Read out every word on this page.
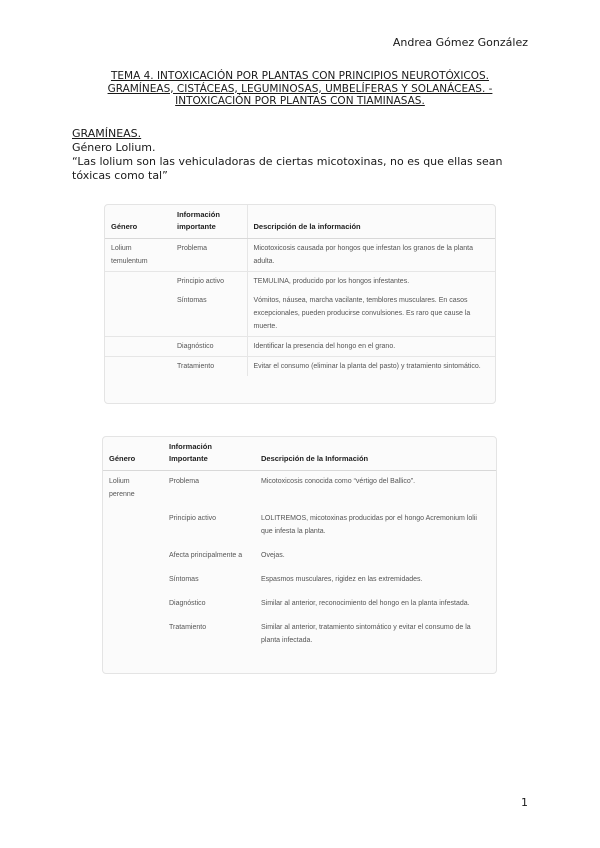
Andrea Gómez González
TEMA 4. INTOXICACIÓN POR PLANTAS CON PRINCIPIOS NEUROTÓXICOS.
GRAMÍNEAS, CISTÁCEAS, LEGUMINOSAS, UMBELÍFERAS Y SOLANÁCEAS. -
INTOXICACIÓN POR PLANTAS CON TIAMINASAS.
GRAMÍNEAS.
Género Lolium.
“Las lolium son las vehiculadoras de ciertas micotoxinas, no es que ellas sean tóxicas como tal”
Género	Información importante	Descripción de la información
Lolium temulentum	Problema	Micotoxicosis causada por hongos que infestan los granos de la planta adulta.
	Principio activo	TEMULINA, producido por los hongos infestantes.
	Síntomas	Vómitos, náusea, marcha vacilante, temblores musculares. En casos excepcionales, pueden producirse convulsiones. Es raro que cause la muerte.
	Diagnóstico	Identificar la presencia del hongo en el grano.
	Tratamiento	Evitar el consumo (eliminar la planta del pasto) y tratamiento sintomático.
Género	Información Importante	Descripción de la Información
Lolium perenne	Problema	Micotoxicosis conocida como “vértigo del Ballico”.
	Principio activo	LOLITREMOS, micotoxinas producidas por el hongo Acremonium lolii que infesta la planta.
	Afecta principalmente a	Ovejas.
	Síntomas	Espasmos musculares, rigidez en las extremidades.
	Diagnóstico	Similar al anterior, reconocimiento del hongo en la planta infestada.
	Tratamiento	Similar al anterior, tratamiento sintomático y evitar el consumo de la planta infectada.
1
